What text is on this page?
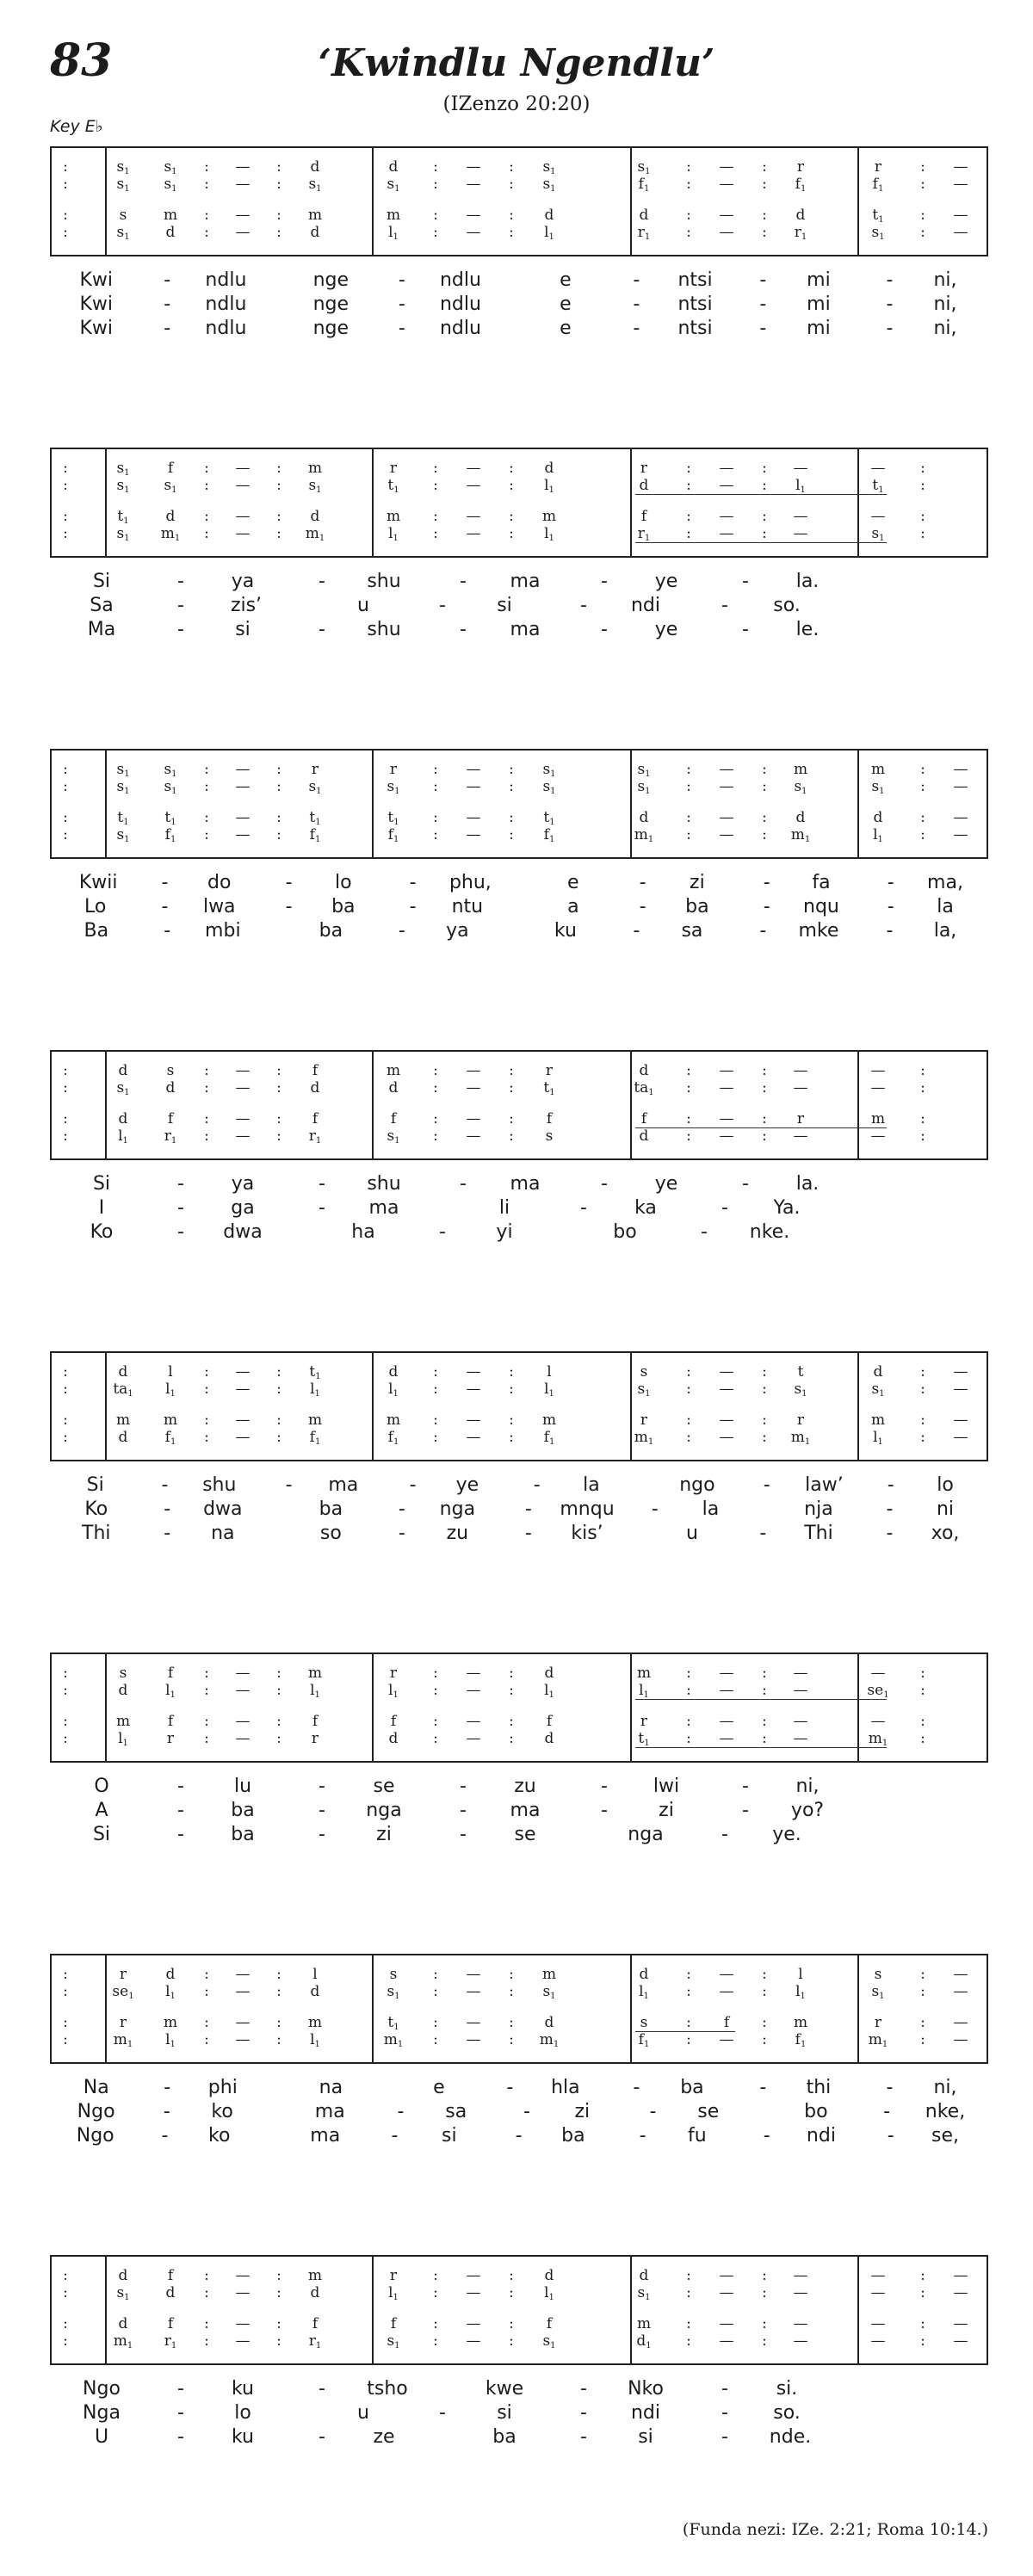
83	‘Kwindlu Ngendlu’
(IZenzo 20:20)
Key E♭
:	$s_1$ $s_1$ : — : d	d : — : $s_1$	$s_1$ : — : r	r	: —
:	$s_1$ $s_1$ : — : $s_1$	$s_1$ : — : $s_1$	$f_1$	: — : $f_1$	$f_1$	: —
:	s	m : — : m	m : — : d	d	: — : d	$t_1$	: —
:	$s_1$ d : — : d	$l_1$ : — : $l_1$	$r_1$ : — : $r_1$	$s_1$ : —
Kwi	- ndlu	nge	- ndlu	e	- ntsi - mi	- ni,
Kwi	- ndlu	nge	- ndlu	e	- ntsi - mi	- ni,
Kwi	- ndlu	nge	- ndlu	e	- ntsi - mi	- ni,
:	$s_1$	f : — : m	r : — : d	r	: — : —	— :
:	$s_1$ $s_1$ : — : $s_1$	$t_1$ : — : $l_1$	d	: — : $l_1$	$t_1$	:
:	$t_1$	d : — : d	m : — : m	f	: — : —	— :
:	$s_1$ $m_1$ : — : $m_1$	$l_1$ : — : $l_1$	$r_1$ : — : —	$s_1$ :
Si	- ya	- shu	- ma	- ye	- la.
Sa	- zis’	u	-	si	- ndi	- so.
Ma	-	si	- shu	- ma	- ye	- le.
:	$s_1$ $s_1$ : — : r	r : — : $s_1$	$s_1$ : — : m	m : —
:	$s_1$ $s_1$ : — : $s_1$	$s_1$ : — : $s_1$	$s_1$ : — : $s_1$	$s_1$ : —
:	$t_1$ $t_1$ : — : $t_1$	$t_1$ : — : $t_1$	d	: — : d	d	: —
:	$s_1$ $f_1$ : — : $f_1$	$f_1$ : — : $f_1$	$m_1$ : — : $m_1$	$l_1$	: —
Kwii - do	- lo	- phu,	e	- zi	- fa	- ma,
Lo	- lwa	- ba	- ntu	a	- ba	- nqu	- la
Ba	- mbi	ba	- ya	ku	- sa	- mke	- la,
:	d	s : — : f	m : — : r	d	: — : —	— :
:	$s_1$ d : — : d	d : — : $t_1$	$ta_1$ : — : —	— :
:	d	f : — : f	f	: — : f	f	: — : r	m :
:	$l_1$ $r_1$ : — : $r_1$	$s_1$ : — : s	d	: — : —	— :
Si	- ya	- shu	- ma	- ye	- la.
I	- ga	- ma	li	-	ka	- Ya.
Ko	- dwa	ha	-	yi	bo	- nke.
:	d	l : — : $t_1$	d : — : l	s	: — : t	d	: —
:	$ta_1$ $l_1$ : — : $l_1$	$l_1$ : — : $l_1$	$s_1$ : — : $s_1$	$s_1$ : —
:	m m : — : m	m : — : m	r	: — : r	m : —
:	d	$f_1$ : — : $f_1$	$f_1$ : — : $f_1$	$m_1$ : — : $m_1$	$l_1$	: —
Si	- shu	- ma	- ye	- la	ngo	- law’ - lo
Ko	- dwa	ba	- nga	- mnqu - la	nja	- ni
Thi	- na	so	- zu	- kis’	u	- Thi	- xo,
:	s	f : — : m	r : — : d	m : — : —	— :
:	d	$l_1$ : — : $l_1$	$l_1$ : — : $l_1$	$l_1$	: — : —	$se_1$ :
:	m	f : — : f	f	: — : f	r	: — : —	— :
:	$l_1$	r : — : r	d : — : d	$t_1$	: — : —	$m_1$ :
O	-	lu	-	se	-	zu	- lwi	- ni,
A	- ba	- nga	- ma	-	zi	- yo?
Si	- ba	-	zi	-	se	nga	- ye.
:	r	d : — : l	s : — : m	d	: — : l	s	: —
:	$se_1$ $l_1$ : — : d	$s_1$ : — : $s_1$	$l_1$	: — : $l_1$	$s_1$ : —
:	r	m : — : m	$t_1$ : — : d	s	: f : m	r	: —
:	$m_1$ $l_1$ : — : $l_1$	$m_1$ : — : $m_1$	$f_1$	: — : $f_1$	$m_1$ : —
Na	- phi	na	e	- hla	- ba	- thi	- ni,
Ngo	- ko	ma	- sa	- zi	- se	bo	- nke,
Ngo - ko	ma	- si	- ba	- fu	- ndi	- se,
:	d	f : — : m	r : — : d	d	: — : —	— : —
:	$s_1$ d : — : d	$l_1$ : — : $l_1$	$s_1$ : — : —	— : —
:	d	f : — : f	f	: — : f	m : — : —	— : —
:	$m_1$ $r_1$ : — : $r_1$	$s_1$ : — : $s_1$	$d_1$ : — : —	— : —
Ngo	-	ku	- tsho	kwe	- Nko	-	si.
Nga	-	lo	u	-	si	- ndi	- so.
U	-	ku	-	ze	ba	-	si	- nde.
(Funda nezi: IZe. 2:21; Roma 10:14.)
